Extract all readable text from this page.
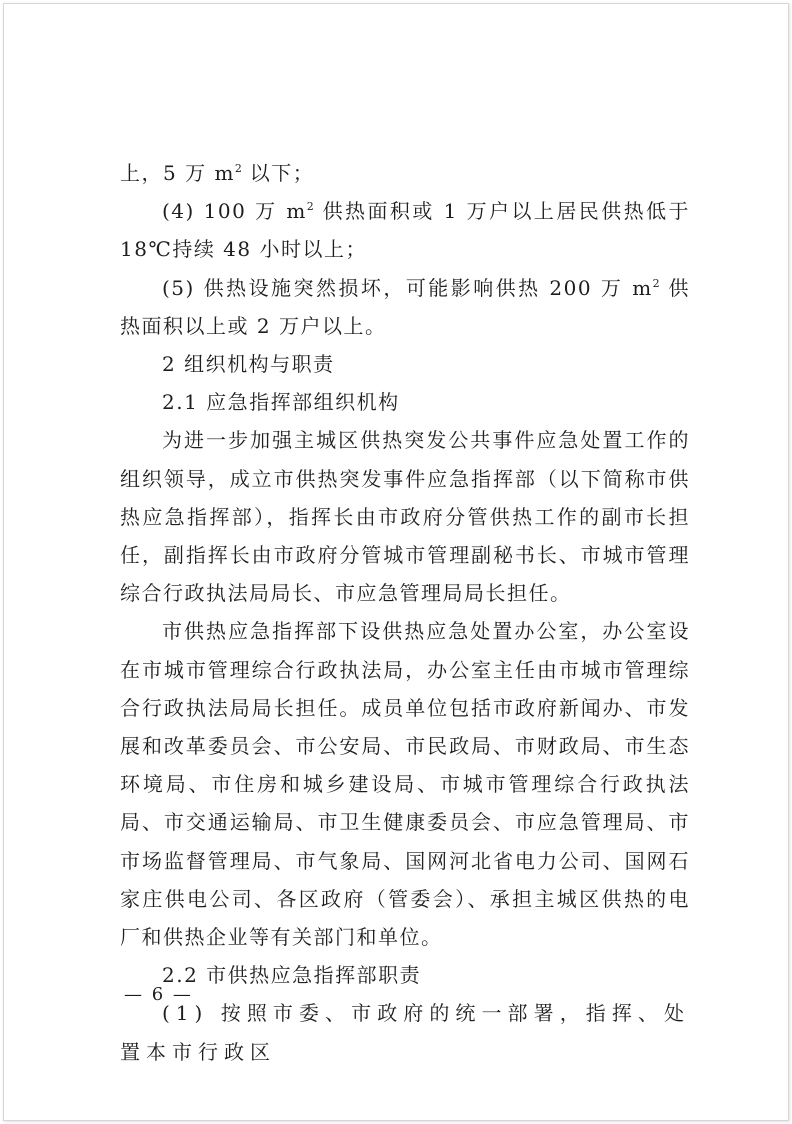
上，5 万 $m^2$ 以下；

(4) 100 万 $m^2$ 供热面积或 1 万户以上居民供热低于 18℃持续 48 小时以上；

(5) 供热设施突然损坏，可能影响供热 200 万 $m^2$ 供热面积以上或 2 万户以上。

2 组织机构与职责

2.1 应急指挥部组织机构

为进一步加强主城区供热突发公共事件应急处置工作的组织领导，成立市供热突发事件应急指挥部（以下简称市供热应急指挥部），指挥长由市政府分管供热工作的副市长担任，副指挥长由市政府分管城市管理副秘书长、市城市管理综合行政执法局局长、市应急管理局局长担任。

市供热应急指挥部下设供热应急处置办公室，办公室设在市城市管理综合行政执法局，办公室主任由市城市管理综合行政执法局局长担任。成员单位包括市政府新闻办、市发展和改革委员会、市公安局、市民政局、市财政局、市生态环境局、市住房和城乡建设局、市城市管理综合行政执法局、市交通运输局、市卫生健康委员会、市应急管理局、市市场监督管理局、市气象局、国网河北省电力公司、国网石家庄供电公司、各区政府（管委会）、承担主城区供热的电厂和供热企业等有关部门和单位。

2.2 市供热应急指挥部职责

(1) 按照市委、市政府的统一部署，指挥、处置本市行政区

— 6 —
